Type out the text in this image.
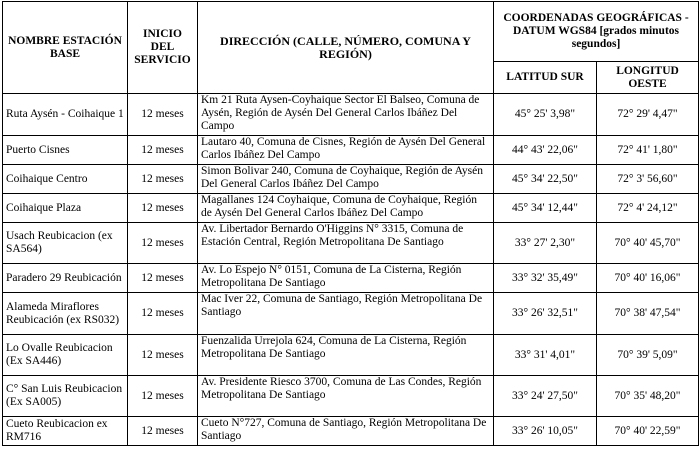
NOMBRE ESTACIÓN BASE	INICIO DEL SERVICIO	DIRECCIÓN (CALLE, NÚMERO, COMUNA Y REGIÓN)	COORDENADAS GEOGRÁFICAS - DATUM WGS84 [grados minutos segundos]	
			LATITUD SUR	LONGITUD OESTE
Ruta Aysén - Coihaique 1	12 meses	Km 21 Ruta Aysen-Coyhaique Sector El Balseo, Comuna de Aysén, Región de Aysén Del General Carlos Ibáñez Del Campo	45° 25' 3,98"	72° 29' 4,47"
Puerto Cisnes	12 meses	Lautaro 40, Comuna de Cisnes, Región de Aysén Del General Carlos Ibáñez Del Campo	44° 43' 22,06"	72° 41' 1,80"
Coihaique Centro	12 meses	Simon Bolivar 240, Comuna de Coyhaique, Región de Aysén Del General Carlos Ibáñez Del Campo	45° 34' 22,50"	72° 3' 56,60"
Coihaique Plaza	12 meses	Magallanes 124 Coyhaique, Comuna de Coyhaique, Región de Aysén Del General Carlos Ibáñez Del Campo	45° 34' 12,44"	72° 4' 24,12"
Usach Reubicacion (ex SA564)	12 meses	Av. Libertador Bernardo O'Higgins N° 3315, Comuna de Estación Central, Región Metropolitana De Santiago	33° 27' 2,30"	70° 40' 45,70"
Paradero 29 Reubicación	12 meses	Av. Lo Espejo N° 0151, Comuna de La Cisterna, Región Metropolitana De Santiago	33° 32' 35,49"	70° 40' 16,06"
Alameda Miraflores Reubicación (ex RS032)	12 meses	Mac Iver 22, Comuna de Santiago, Región Metropolitana De Santiago	33° 26' 32,51"	70° 38' 47,54"
Lo Ovalle Reubicacion (Ex SA446)	12 meses	Fuenzalida Urrejola 624, Comuna de La Cisterna, Región Metropolitana De Santiago	33° 31' 4,01"	70° 39' 5,09"
C° San Luis Reubicacion (Ex SA005)	12 meses	Av. Presidente Riesco 3700, Comuna de Las Condes, Región Metropolitana De Santiago	33° 24' 27,50"	70° 35' 48,20"
Cueto Reubicacion ex RM716	12 meses	Cueto N°727, Comuna de Santiago, Región Metropolitana De Santiago	33° 26' 10,05"	70° 40' 22,59"
